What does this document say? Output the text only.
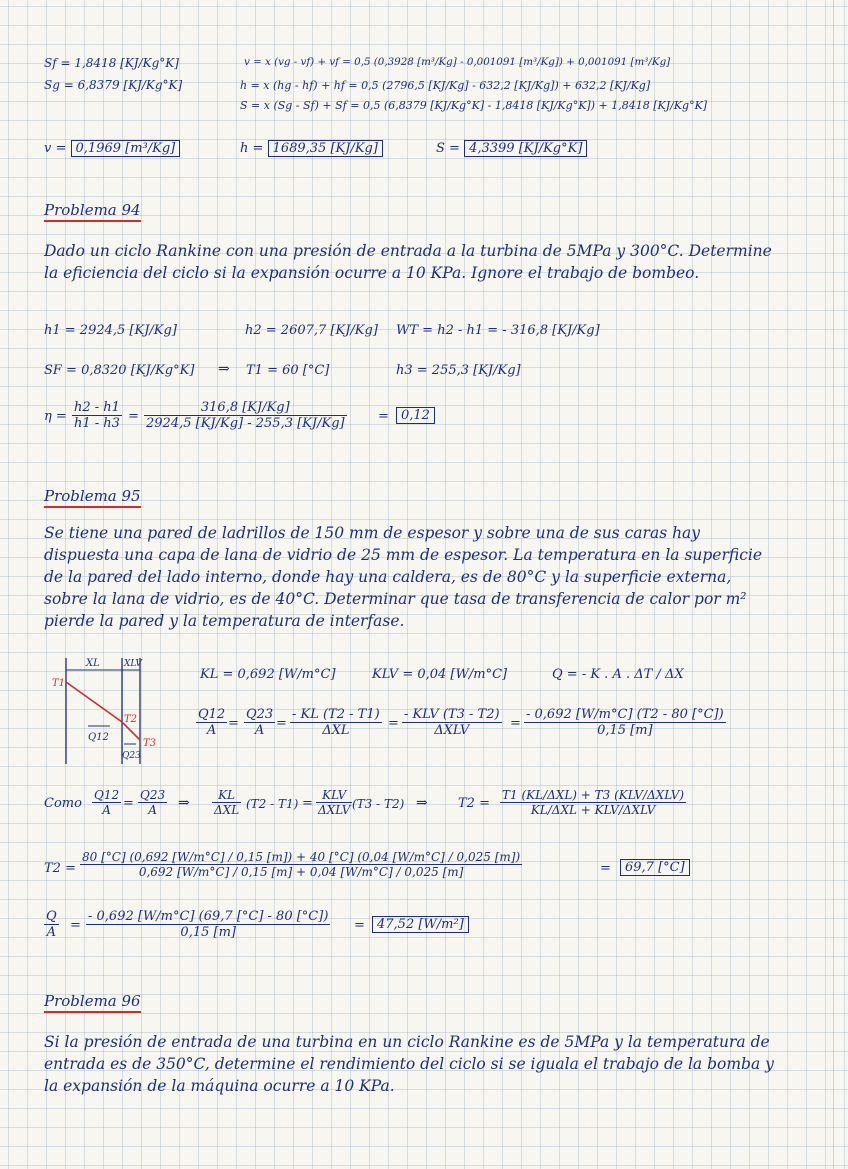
Sf = 1,8418 [KJ/Kg°K]
Sg = 6,8379 [KJ/Kg°K]
v = x (vg - vf) + vf = 0,5 (0,3928 [m³/Kg] - 0,001091 [m³/Kg]) + 0,001091 [m³/Kg]
h = x (hg - hf) + hf = 0,5 (2796,5 [KJ/Kg] - 632,2 [KJ/Kg]) + 632,2 [KJ/Kg]
S = x (Sg - Sf) + Sf = 0,5 (6,8379 [KJ/Kg°K] - 1,8418 [KJ/Kg°K]) + 1,8418 [KJ/Kg°K]
v = 0,1969 [m³/Kg]	h = 1689,35 [KJ/Kg]	S = 4,3399 [KJ/Kg°K]
Problema 94
Dado un ciclo Rankine con una presión de entrada a la turbina de 5MPa y 300°C. Determine la eficiencia del ciclo si la expansión ocurre a 10 KPa. Ignore el trabajo de bombeo.
h1 = 2924,5 [KJ/Kg]	h2 = 2607,7 [KJ/Kg] WT = h2 - h1 = - 316,8 [KJ/Kg]
SF = 0,8320 [KJ/Kg°K] ⇒ T1 = 60 [°C]	h3 = 255,3 [KJ/Kg]
$\eta = \frac{h2 - h1}{h1 - h3} = \frac{316,8 [KJ/Kg]}{2924,5 [KJ/Kg] - 255,3 [KJ/Kg]} = 0,12$
Problema 95
Se tiene una pared de ladrillos de 150 mm de espesor y sobre una de sus caras hay dispuesta una capa de lana de vidrio de 25 mm de espesor. La temperatura en la superficie de la pared del lado interno, donde hay una caldera, es de 80°C y la superficie externa, sobre la lana de vidrio, es de 40°C. Determinar que tasa de transferencia de calor por m² pierde la pared y la temperatura de interfase.
XL	XLV
T1
T2
T3
Q12
Q23
KL = 0,692 [W/m°C]	KLV = 0,04 [W/m°C]	Q = - K . A . ΔT / ΔX
$\frac{Q12}{A} = \frac{Q23}{A}$ =
- KL (T2 - T1)
ΔXL	=
- KLV (T3 - T2)
ΔXLV	= $\frac{- 0,692 [W/m^\circ C] (T2 - 80 [^\circ C])}{0,15 [m]}$
Como $\frac{Q12}{A} = \frac{Q23}{A}$ ⇒	KL
ΔXL (T2 - T1) =
KLV
ΔXLV (T3 - T2) ⇒ T2 =
T1 (KL/ΔXL) + T3 (KLV/ΔXLV)
KL/ΔXL + KLV/ΔXLV
T2 =
80 [°C] (0,692 [W/m°C] / 0,15 [m]) + 40 [°C] (0,04 [W/m°C] / 0,025 [m])
0,692 [W/m°C] / 0,15 [m] + 0,04 [W/m°C] / 0,025 [m]	=	69,7 [°C]
$\frac{Q}{A} = \frac{- 0,692 [W/m^\circ C] (69,7 [^\circ C] - 80 [^\circ C])}{0,15 [m]} = 47,52$ [W/m²]
Problema 96
Si la presión de entrada de una turbina en un ciclo Rankine es de 5MPa y la temperatura de entrada es de 350°C, determine el rendimiento del ciclo si se iguala el trabajo de la bomba y la expansión de la máquina ocurre a 10 KPa.
